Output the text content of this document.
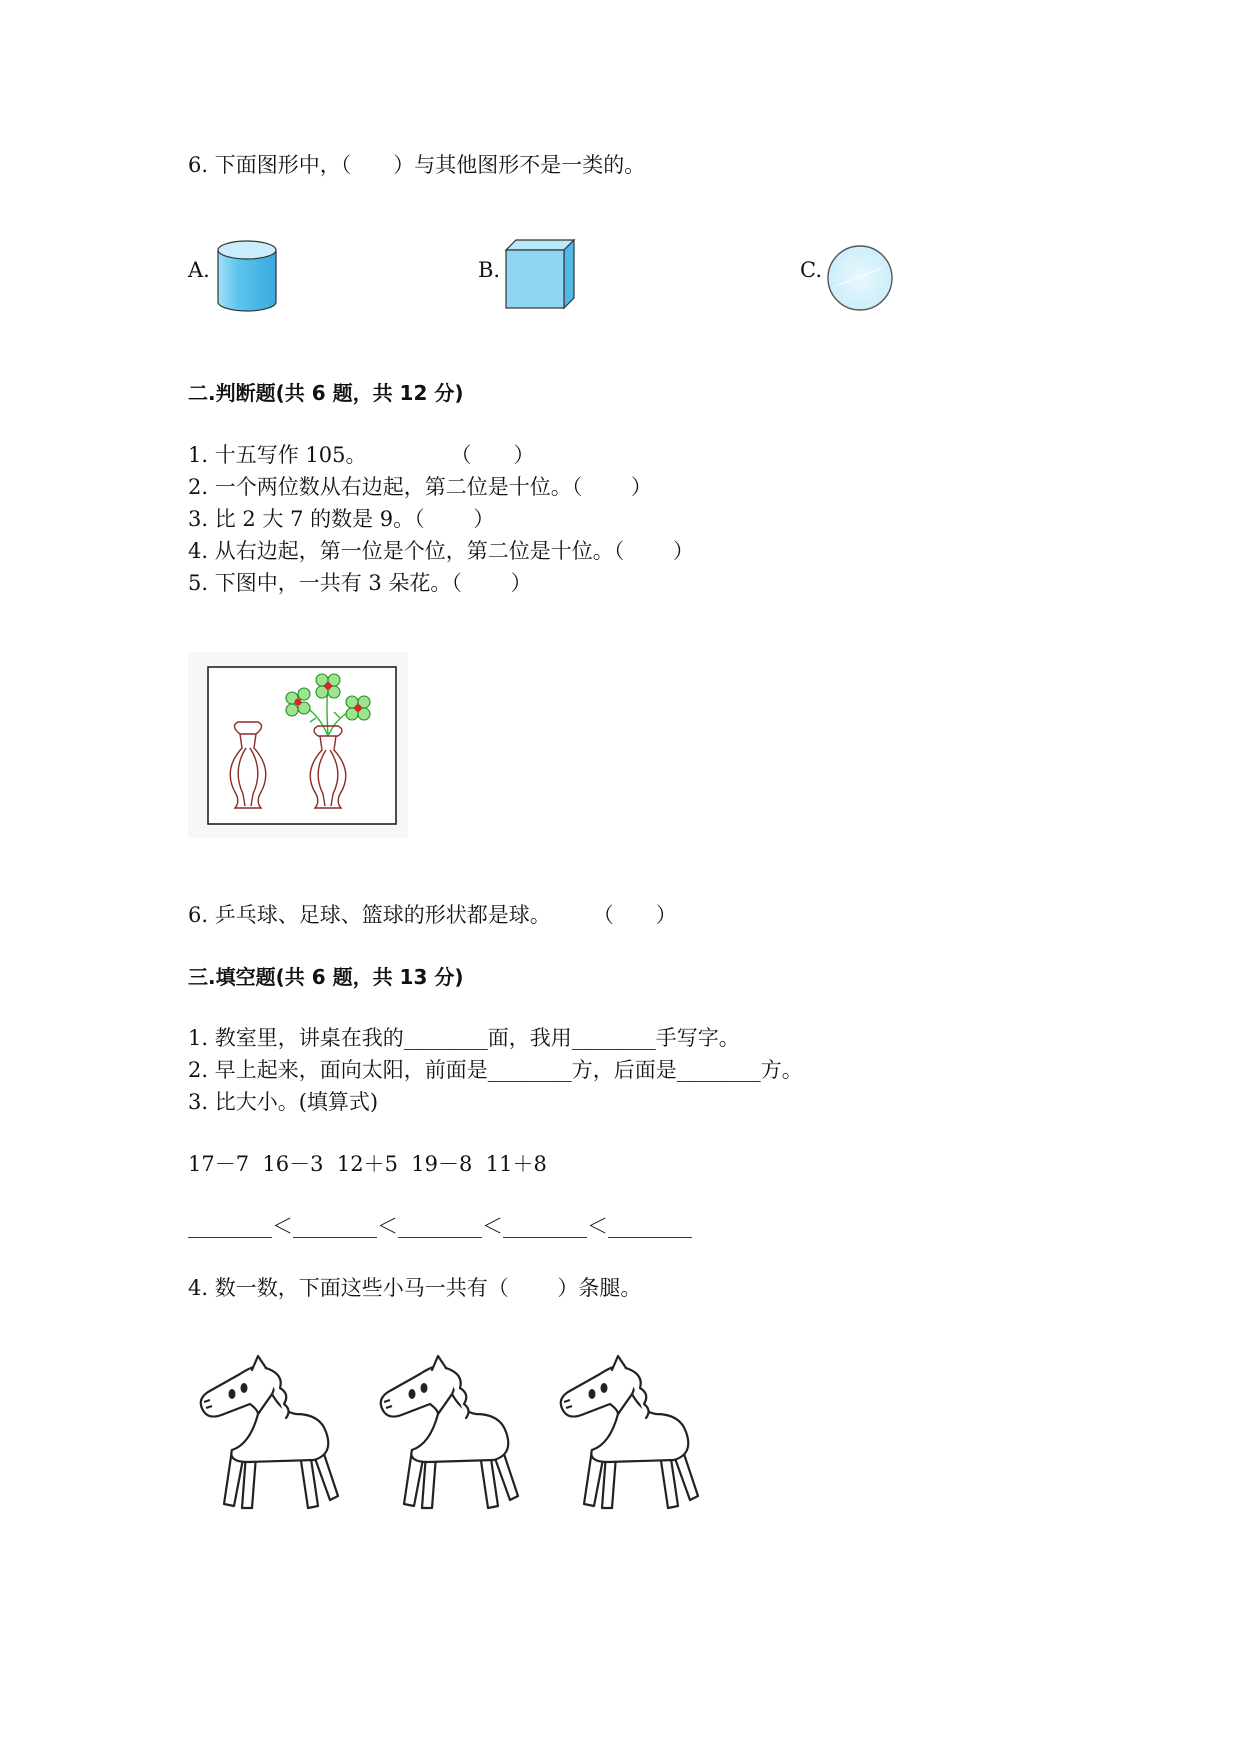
6. 下面图形中，（　　）与其他图形不是一类的。
A.	B.	C.
二.判断题(共 6 题，共 12 分)
1. 十五写作 105。　　　　　（　　）
2. 一个两位数从右边起，第二位是十位。（　　 ）
3. 比 2 大 7 的数是 9。（　　 ）
4. 从右边起，第一位是个位，第二位是十位。（　　 ）
5. 下图中，一共有 3 朵花。（　　 ）
6. 乒乓球、足球、篮球的形状都是球。　　　（　　）
三.填空题(共 6 题，共 13 分)
1. 教室里，讲桌在我的________面，我用________手写字。
2. 早上起来，面向太阳，前面是________方，后面是________方。
3. 比大小。(填算式)
17－7  16－3  12＋5  19－8  11＋8
________＜________＜________＜________＜________
4. 数一数，下面这些小马一共有（　　 ）条腿。
